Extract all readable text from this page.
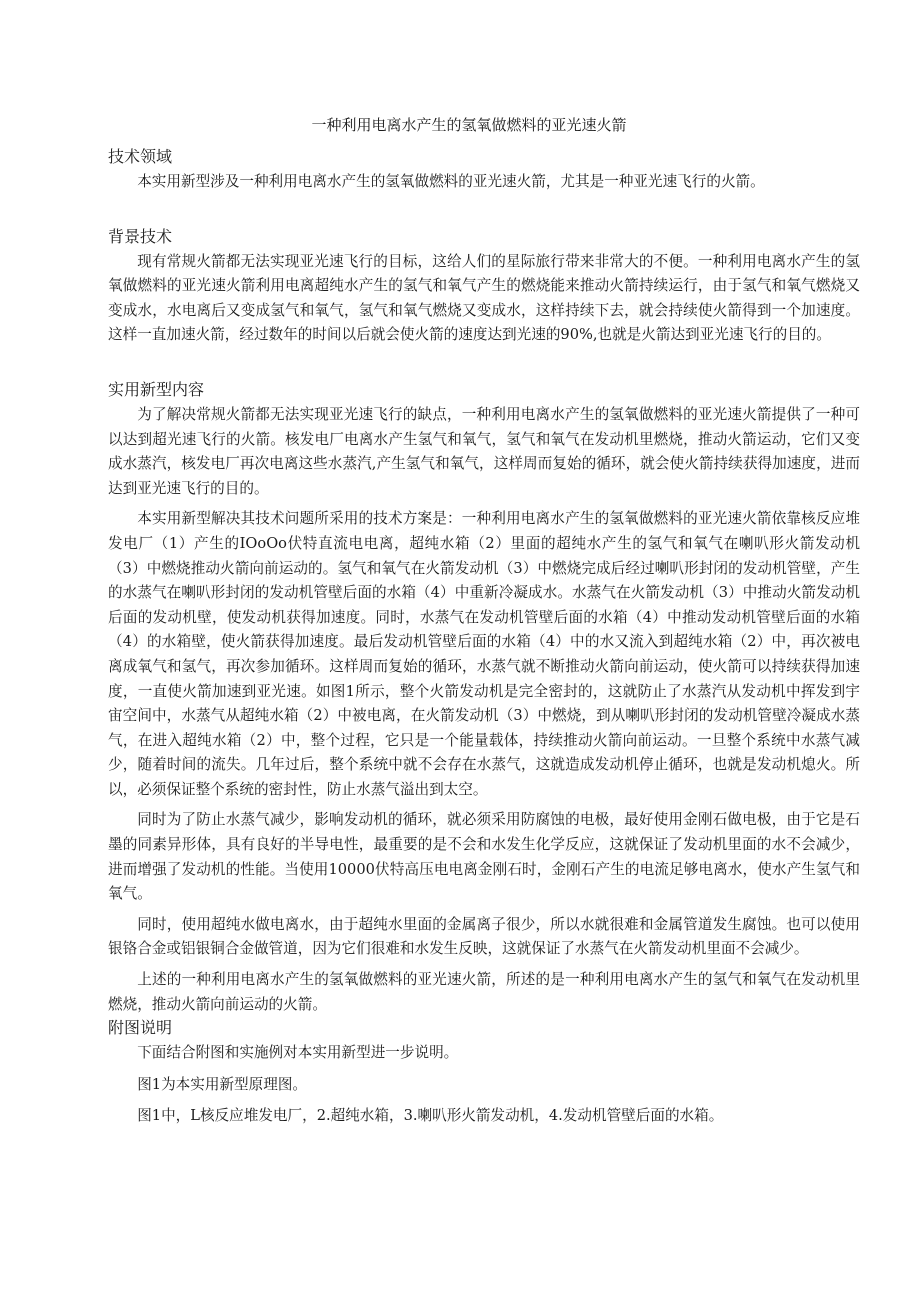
一种利用电离水产生的氢氧做燃料的亚光速火箭
技术领域

本实用新型涉及一种利用电离水产生的氢氧做燃料的亚光速火箭，尤其是一种亚光速飞行的火箭。

背景技术

现有常规火箭都无法实现亚光速飞行的目标，这给人们的星际旅行带来非常大的不便。一种利用电离水产生的氢氧做燃料的亚光速火箭利用电离超纯水产生的氢气和氧气产生的燃烧能来推动火箭持续运行，由于氢气和氧气燃烧又变成水，水电离后又变成氢气和氧气，氢气和氧气燃烧又变成水，这样持续下去，就会持续使火箭得到一个加速度。这样一直加速火箭，经过数年的时间以后就会使火箭的速度达到光速的90%,也就是火箭达到亚光速飞行的目的。

实用新型内容

为了解决常规火箭都无法实现亚光速飞行的缺点，一种利用电离水产生的氢氧做燃料的亚光速火箭提供了一种可以达到超光速飞行的火箭。核发电厂电离水产生氢气和氧气，氢气和氧气在发动机里燃烧，推动火箭运动，它们又变成水蒸汽，核发电厂再次电离这些水蒸汽,产生氢气和氧气，这样周而复始的循环，就会使火箭持续获得加速度，进而达到亚光速飞行的目的。

本实用新型解决其技术问题所采用的技术方案是：一种利用电离水产生的氢氧做燃料的亚光速火箭依靠核反应堆发电厂（1）产生的IOoOo伏特直流电电离，超纯水箱（2）里面的超纯水产生的氢气和氧气在喇叭形火箭发动机（3）中燃烧推动火箭向前运动的。氢气和氧气在火箭发动机（3）中燃烧完成后经过喇叭形封闭的发动机管壁，产生的水蒸气在喇叭形封闭的发动机管壁后面的水箱（4）中重新冷凝成水。水蒸气在火箭发动机（3）中推动火箭发动机后面的发动机壁，使发动机获得加速度。同时，水蒸气在发动机管壁后面的水箱（4）中推动发动机管壁后面的水箱（4）的水箱壁，使火箭获得加速度。最后发动机管壁后面的水箱（4）中的水又流入到超纯水箱（2）中，再次被电离成氧气和氢气，再次参加循环。这样周而复始的循环，水蒸气就不断推动火箭向前运动，使火箭可以持续获得加速度，一直使火箭加速到亚光速。如图1所示，整个火箭发动机是完全密封的，这就防止了水蒸汽从发动机中挥发到宇宙空间中，水蒸气从超纯水箱（2）中被电离，在火箭发动机（3）中燃烧，到从喇叭形封闭的发动机管壁冷凝成水蒸气，在进入超纯水箱（2）中，整个过程，它只是一个能量载体，持续推动火箭向前运动。一旦整个系统中水蒸气减少，随着时间的流失。几年过后，整个系统中就不会存在水蒸气，这就造成发动机停止循环，也就是发动机熄火。所以，必须保证整个系统的密封性，防止水蒸气溢出到太空。

同时为了防止水蒸气减少，影响发动机的循环，就必须采用防腐蚀的电极，最好使用金刚石做电极，由于它是石墨的同素异形体，具有良好的半导电性，最重要的是不会和水发生化学反应，这就保证了发动机里面的水不会减少，进而增强了发动机的性能。当使用10000伏特高压电电离金刚石时，金刚石产生的电流足够电离水，使水产生氢气和氧气。

同时，使用超纯水做电离水，由于超纯水里面的金属离子很少，所以水就很难和金属管道发生腐蚀。也可以使用银铬合金或铝银铜合金做管道，因为它们很难和水发生反映，这就保证了水蒸气在火箭发动机里面不会减少。

上述的一种利用电离水产生的氢氧做燃料的亚光速火箭，所述的是一种利用电离水产生的氢气和氧气在发动机里燃烧，推动火箭向前运动的火箭。

附图说明

下面结合附图和实施例对本实用新型进一步说明。

图1为本实用新型原理图。

图1中，L核反应堆发电厂，2.超纯水箱，3.喇叭形火箭发动机，4.发动机管壁后面的水箱。
